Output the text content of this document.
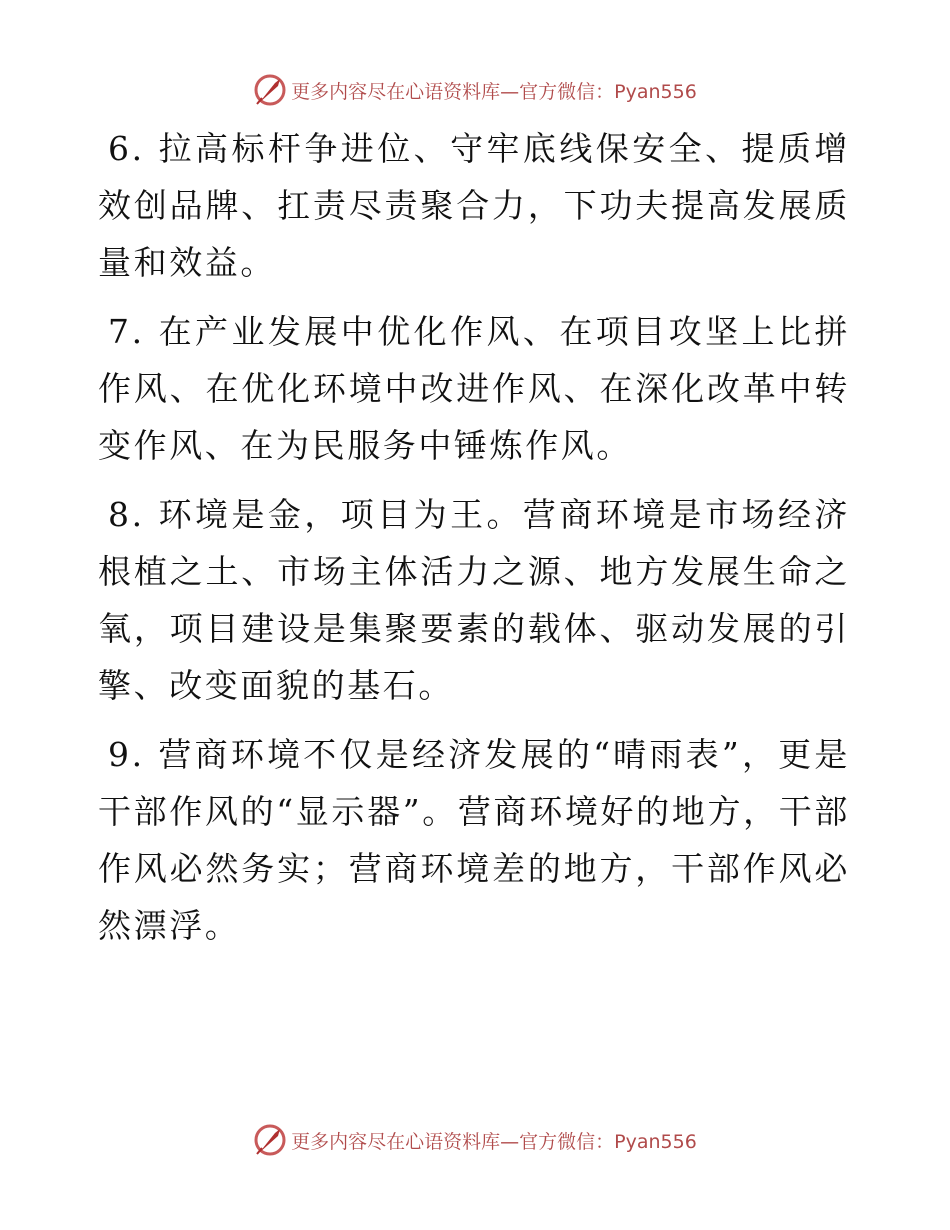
更多内容尽在心语资料库 —官方微信：Pyan556

6. 拉高标杆争进位、守牢底线保安全、提质增效创品牌、扛责尽责聚合力，下功夫提高发展质量和效益。

7. 在产业发展中优化作风、在项目攻坚上比拼作风、在优化环境中改进作风、在深化改革中转变作风、在为民服务中锤炼作风。

8. 环境是金，项目为王。营商环境是市场经济根植之土、市场主体活力之源、地方发展生命之氧，项目建设是集聚要素的载体、驱动发展的引擎、改变面貌的基石。

9. 营商环境不仅是经济发展的“晴雨表”，更是干部作风的“显示器”。营商环境好的地方，干部作风必然务实；营商环境差的地方，干部作风必然漂浮。

更多内容尽在心语资料库 —官方微信：Pyan556
